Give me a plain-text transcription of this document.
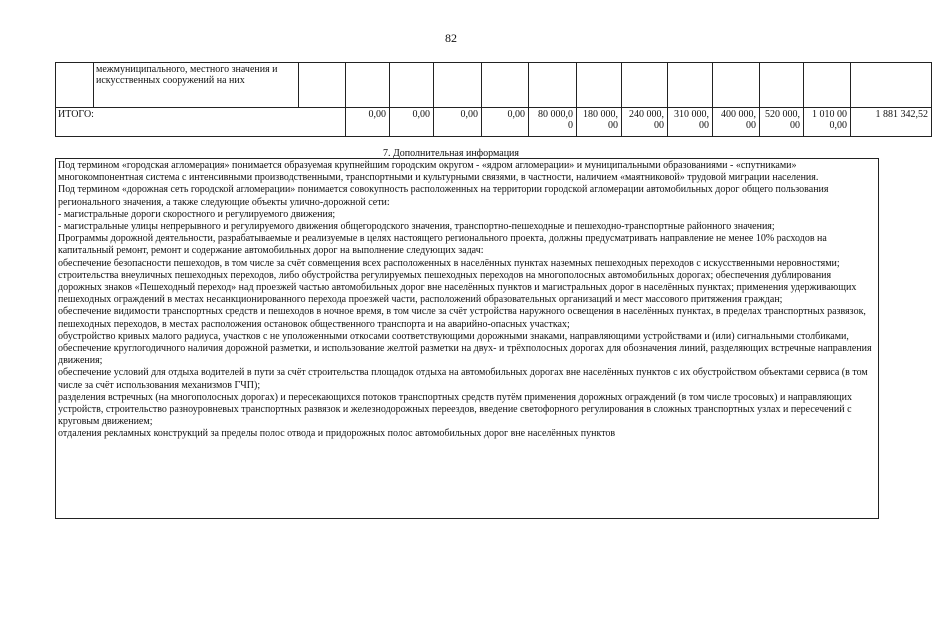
82
	межмуниципального, местного значения и искусственных сооружений на них													
ИТОГО:			0,00	0,00	0,00	0,00	80 000,0 0	180 000, 00	240 000, 00	310 000, 00	400 000, 00	520 000, 00	1 010 00 0,00	1 881 342,52
7. Дополнительная информация

Под термином «городская агломерация» понимается образуемая крупнейшим городским округом - «ядром агломерации» и муниципальными образованиями - «спутниками» многокомпонентная система с интенсивными производственными, транспортными и культурными связями, в частности, наличием «маятниковой» трудовой миграции населения.

Под термином «дорожная сеть городской агломерации» понимается совокупность расположенных на территории городской агломерации автомобильных дорог общего пользования регионального значения, а также следующие объекты улично-дорожной сети:

- магистральные дороги скоростного и регулируемого движения;

- магистральные улицы непрерывного и регулируемого движения общегородского значения, транспортно-пешеходные и пешеходно-транспортные районного значения;

Программы дорожной деятельности, разрабатываемые и реализуемые в целях настоящего регионального проекта, должны предусматривать направление не менее 10% расходов на капитальный ремонт, ремонт и содержание автомобильных дорог на выполнение следующих задач:

обеспечение безопасности пешеходов, в том числе за счёт совмещения всех расположенных в населённых пунктах наземных пешеходных переходов с искусственными неровностями; строительства внеуличных пешеходных переходов, либо обустройства регулируемых пешеходных переходов на многополосных автомобильных дорогах; обеспечения дублирования дорожных знаков «Пешеходный переход» над проезжей частью автомобильных дорог вне населённых пунктов и магистральных дорог в населённых пунктах; применения удерживающих пешеходных ограждений в местах несанкционированного перехода проезжей части, расположений образовательных организаций и мест массового притяжения граждан;

обеспечение видимости транспортных средств и пешеходов в ночное время, в том числе за счёт устройства наружного освещения в населённых пунктах, в пределах транспортных развязок, пешеходных переходов, в местах расположения остановок общественного транспорта и на аварийно-опасных участках;

обустройство кривых малого радиуса, участков с не уположенными откосами соответствующими дорожными знаками, направляющими устройствами и (или) сигнальными столбиками,

обеспечение круглогодичного наличия дорожной разметки, и использование желтой разметки на двух- и трёхполосных дорогах для обозначения линий, разделяющих встречные направления движения;

обеспечение условий для отдыха водителей в пути за счёт строительства площадок отдыха на автомобильных дорогах вне населённых пунктов с их обустройством объектами сервиса (в том числе за счёт использования механизмов ГЧП);

разделения встречных (на многополосных дорогах) и пересекающихся потоков транспортных средств путём применения дорожных ограждений (в том числе тросовых) и направляющих устройств, строительство разноуровневых транспортных развязок и железнодорожных переездов, введение светофорного регулирования в сложных транспортных узлах и пересечений с круговым движением;

отдаления рекламных конструкций за пределы полос отвода и придорожных полос автомобильных дорог вне населённых пунктов
